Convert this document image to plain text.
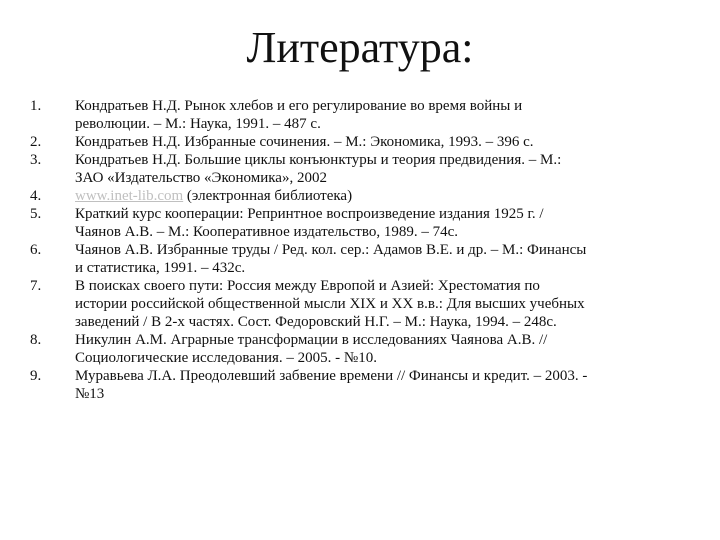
Литература:
1.	Кондратьев Н.Д. Рынок хлебов и его регулирование во время войны и
революции. – М.: Наука, 1991. – 487 с.
2.	Кондратьев Н.Д. Избранные сочинения. – М.: Экономика, 1993. – 396 с.
3.	Кондратьев Н.Д. Большие циклы конъюнктуры и теория предвидения. – М.:
ЗАО «Издательство «Экономика», 2002
4.	www.inet-lib.com (электронная библиотека)
5.	Краткий курс кооперации: Репринтное воспроизведение издания 1925 г. /
Чаянов А.В. – М.: Кооперативное издательство, 1989. – 74с.
6.	Чаянов А.В. Избранные труды / Ред. кол. сер.: Адамов В.Е. и др. – М.: Финансы
и статистика, 1991. – 432с.
7.	В поисках своего пути: Россия между Европой и Азией: Хрестоматия по
истории российской общественной мысли XIX и XX в.в.: Для высших учебных
заведений / В 2-х частях. Сост. Федоровский Н.Г. – М.: Наука, 1994. – 248с.
8.	Никулин А.М. Аграрные трансформации в исследованиях Чаянова А.В. //
Социологические исследования. – 2005. - №10.
9.	Муравьева Л.А. Преодолевший забвение времени // Финансы и кредит. – 2003. -
№13
